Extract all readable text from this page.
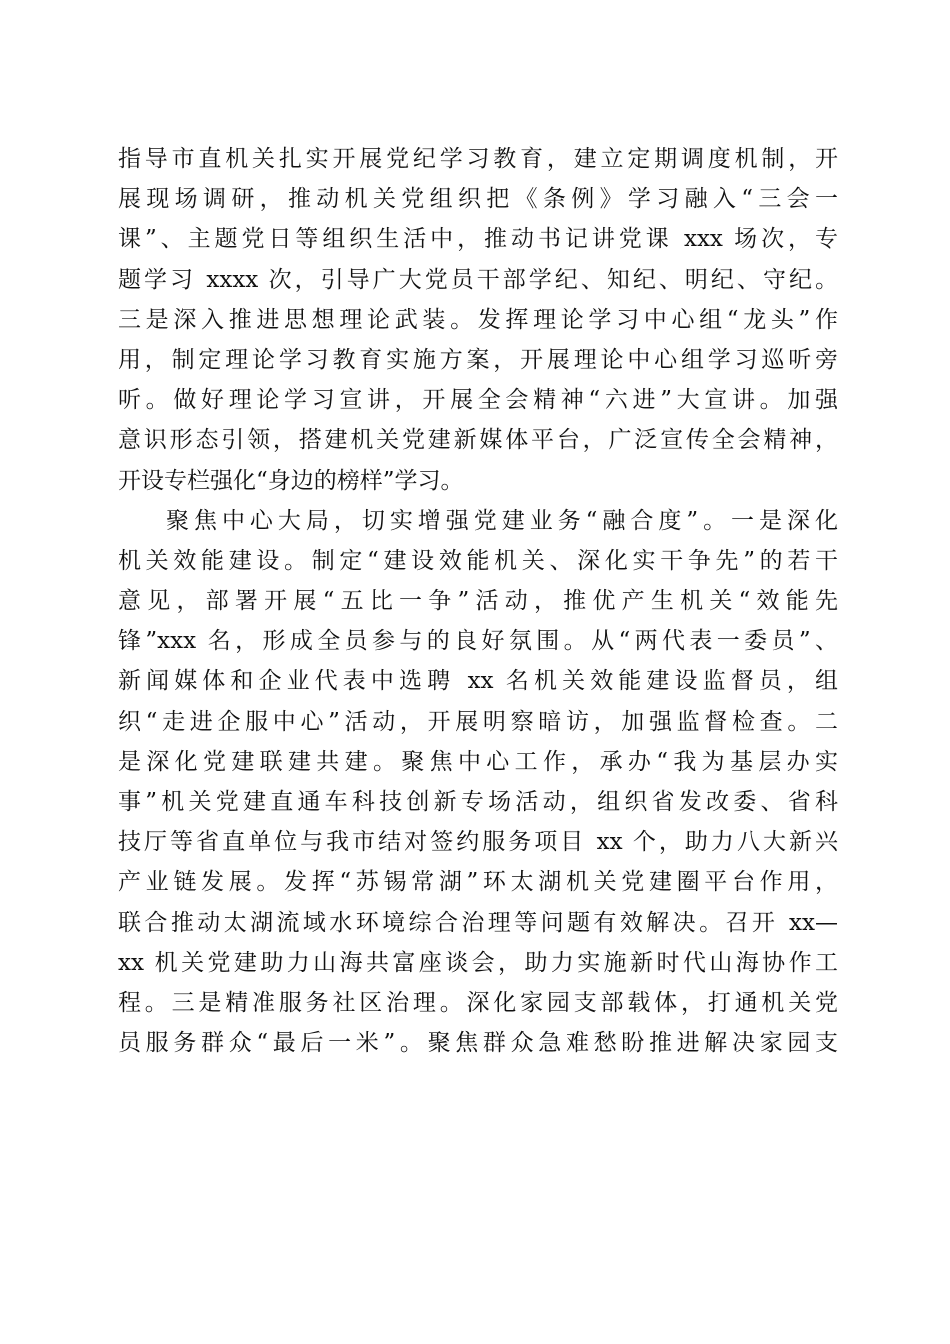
指导市直机关扎实开展党纪学习教育，建立定期调度机制，开
展现场调研，推动机关党组织把《条例》学习融入“三会一
课”、主题党日等组织生活中，推动书记讲党课 xxx 场次，专
题学习 xxxx 次，引导广大党员干部学纪、知纪、明纪、守纪。
三是深入推进思想理论武装。发挥理论学习中心组“龙头”作
用，制定理论学习教育实施方案，开展理论中心组学习巡听旁
听。做好理论学习宣讲，开展全会精神“六进”大宣讲。加强
意识形态引领，搭建机关党建新媒体平台，广泛宣传全会精神，
开设专栏强化“身边的榜样”学习。
聚焦中心大局，切实增强党建业务“融合度”。一是深化
机关效能建设。制定“建设效能机关、深化实干争先”的若干
意见，部署开展“五比一争”活动，推优产生机关“效能先
锋”xxx 名，形成全员参与的良好氛围。从“两代表一委员”、
新闻媒体和企业代表中选聘 xx 名机关效能建设监督员，组
织“走进企服中心”活动，开展明察暗访，加强监督检查。二
是深化党建联建共建。聚焦中心工作，承办“我为基层办实
事”机关党建直通车科技创新专场活动，组织省发改委、省科
技厅等省直单位与我市结对签约服务项目 xx 个，助力八大新兴
产业链发展。发挥“苏锡常湖”环太湖机关党建圈平台作用，
联合推动太湖流域水环境综合治理等问题有效解决。召开 xx—
xx 机关党建助力山海共富座谈会，助力实施新时代山海协作工
程。三是精准服务社区治理。深化家园支部载体，打通机关党
员服务群众“最后一米”。聚焦群众急难愁盼推进解决家园支
